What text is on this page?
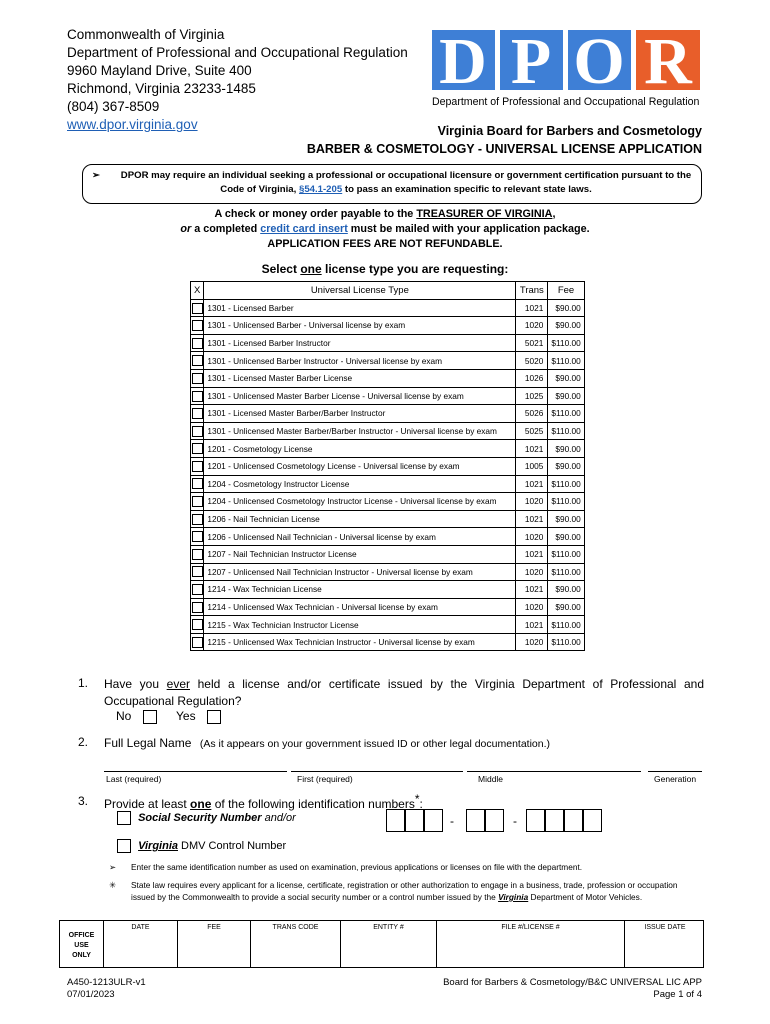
Commonwealth of Virginia
Department of Professional and Occupational Regulation
9960 Mayland Drive, Suite 400
Richmond, Virginia 23233-1485
(804) 367-8509
www.dpor.virginia.gov
D P O R
Department of Professional and Occupational Regulation
Virginia Board for Barbers and Cosmetology
BARBER & COSMETOLOGY - UNIVERSAL LICENSE APPLICATION
➢ DPOR may require an individual seeking a professional or occupational licensure or government certification pursuant to the Code of Virginia, §54.1-205 to pass an examination specific to relevant state laws.
A check or money order payable to the TREASURER OF VIRGINIA,
or a completed credit card insert must be mailed with your application package.
APPLICATION FEES ARE NOT REFUNDABLE.
Select one license type you are requesting:
X	Universal License Type	Trans	Fee
	1301 - Licensed Barber	1021	$90.00
	1301 - Unlicensed Barber - Universal license by exam	1020	$90.00
	1301 - Licensed Barber Instructor	5021	$110.00
	1301 - Unlicensed Barber Instructor - Universal license by exam	5020	$110.00
	1301 - Licensed Master Barber License	1026	$90.00
	1301 - Unlicensed Master Barber License - Universal license by exam	1025	$90.00
	1301 - Licensed Master Barber/Barber Instructor	5026	$110.00
	1301 - Unlicensed Master Barber/Barber Instructor - Universal license by exam	5025	$110.00
	1201 - Cosmetology License	1021	$90.00
	1201 - Unlicensed Cosmetology License - Universal license by exam	1005	$90.00
	1204 - Cosmetology Instructor License	1021	$110.00
	1204 - Unlicensed Cosmetology Instructor License - Universal license by exam	1020	$110.00
	1206 - Nail Technician License	1021	$90.00
	1206 - Unlicensed Nail Technician - Universal license by exam	1020	$90.00
	1207 - Nail Technician Instructor License	1021	$110.00
	1207 - Unlicensed Nail Technician Instructor - Universal license by exam	1020	$110.00
	1214 - Wax Technician License	1021	$90.00
	1214 - Unlicensed Wax Technician - Universal license by exam	1020	$90.00
	1215 - Wax Technician Instructor License	1021	$110.00
	1215 - Unlicensed Wax Technician Instructor - Universal license by exam	1020	$110.00
1. Have you ever held a license and/or certificate issued by the Virginia Department of Professional and Occupational Regulation?
No	Yes
2. Full Legal Name (As it appears on your government issued ID or other legal documentation.)
Last (required)	First (required)	Middle	Generation
3. Provide at least one of the following identification numbers*:
Social Security Number and/or
Virginia DMV Control Number
-	-
➢ Enter the same identification number as used on examination, previous applications or licenses on file with the department.
✳ State law requires every applicant for a license, certificate, registration or other authorization to engage in a business, trade, profession or occupation issued by the Commonwealth to provide a social security number or a control number issued by the Virginia Department of Motor Vehicles.
OFFICE
USE
ONLY
DATE	FEE	TRANS CODE	ENTITY #	FILE #/LICENSE #	ISSUE DATE
A450-1213ULR-v1
07/01/2023
Board for Barbers & Cosmetology/B&C UNIVERSAL LIC APP
Page 1 of 4
